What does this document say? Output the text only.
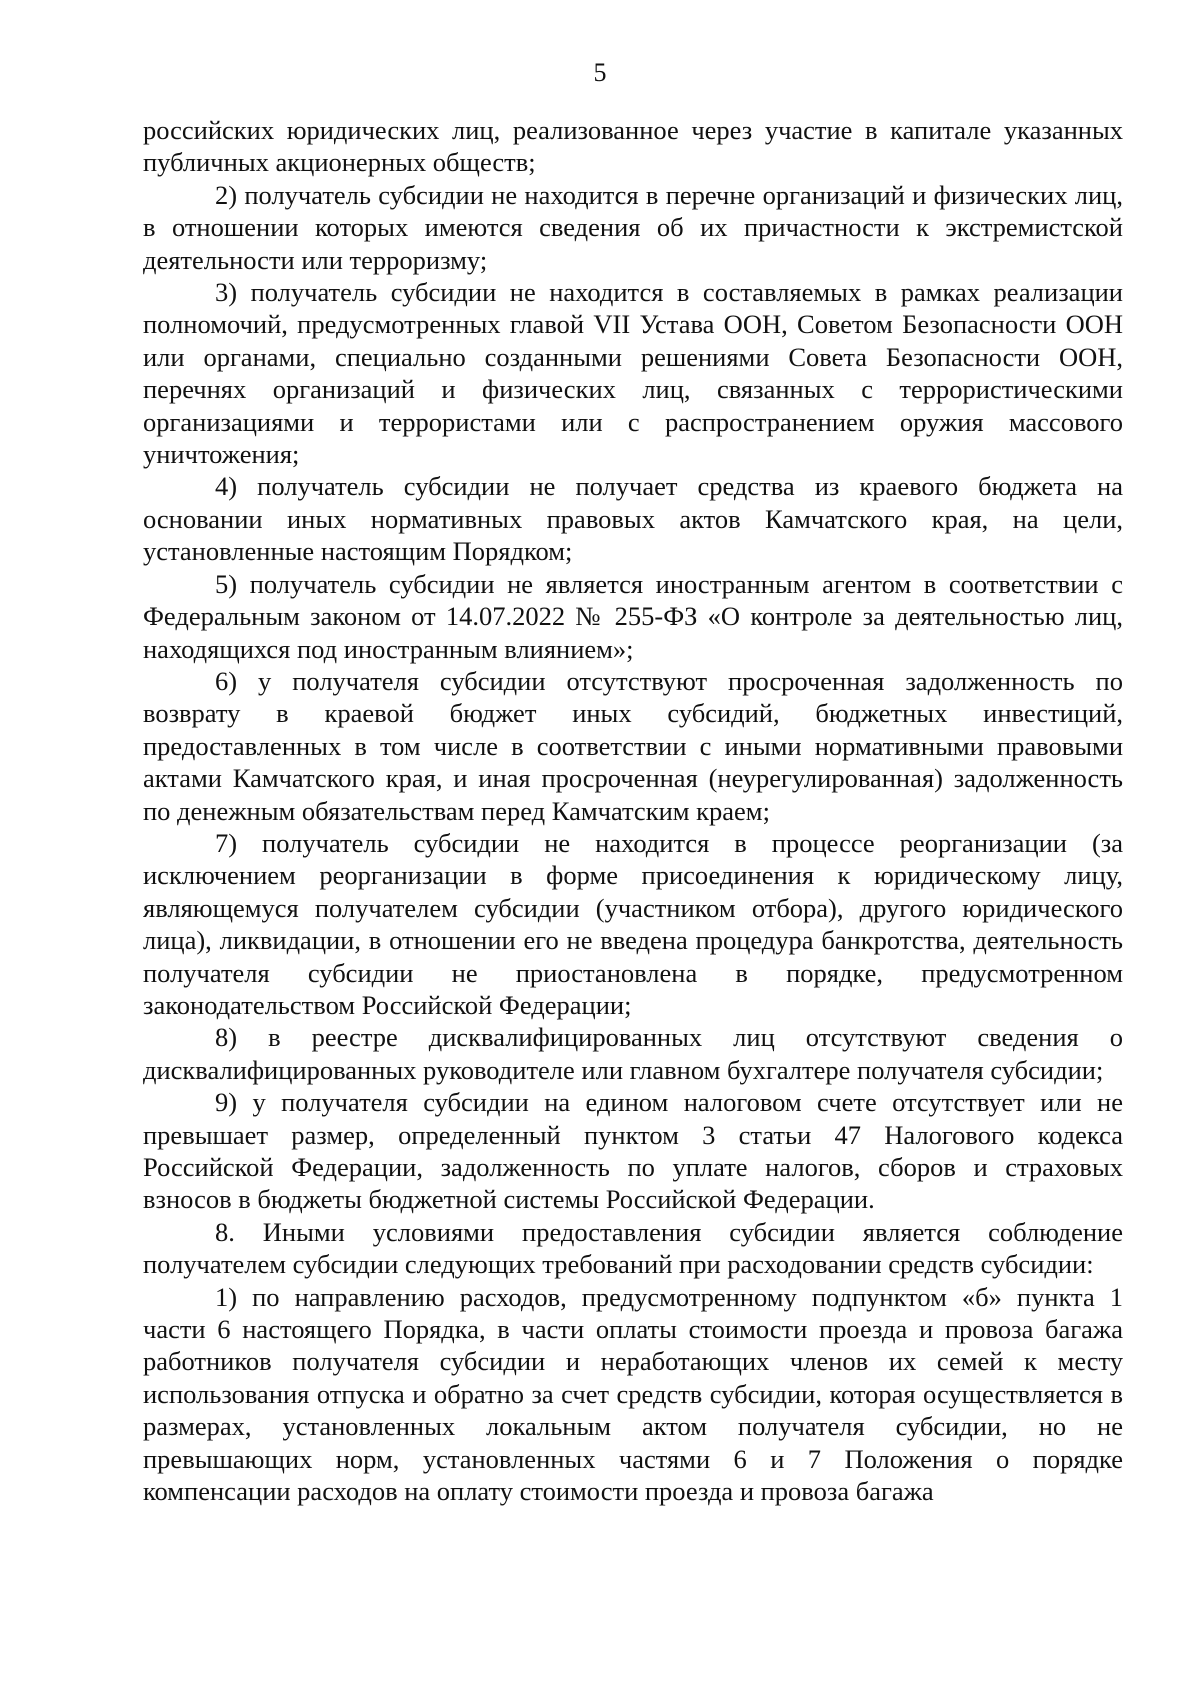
5

российских юридических лиц, реализованное через участие в капитале указанных публичных акционерных обществ;

2) получатель субсидии не находится в перечне организаций и физических лиц, в отношении которых имеются сведения об их причастности к экстремистской деятельности или терроризму;

3) получатель субсидии не находится в составляемых в рамках реализации полномочий, предусмотренных главой VII Устава ООН, Советом Безопасности ООН или органами, специально созданными решениями Совета Безопасности ООН, перечнях организаций и физических лиц, связанных с террористическими организациями и террористами или с распространением оружия массового уничтожения;

4) получатель субсидии не получает средства из краевого бюджета на основании иных нормативных правовых актов Камчатского края, на цели, установленные настоящим Порядком;

5) получатель субсидии не является иностранным агентом в соответствии с Федеральным законом от 14.07.2022 № 255-ФЗ «О контроле за деятельностью лиц, находящихся под иностранным влиянием»;

6) у получателя субсидии отсутствуют просроченная задолженность по возврату в краевой бюджет иных субсидий, бюджетных инвестиций, предоставленных в том числе в соответствии с иными нормативными правовыми актами Камчатского края, и иная просроченная (неурегулированная) задолженность по денежным обязательствам перед Камчатским краем;

7) получатель субсидии не находится в процессе реорганизации (за исключением реорганизации в форме присоединения к юридическому лицу, являющемуся получателем субсидии (участником отбора), другого юридического лица), ликвидации, в отношении его не введена процедура банкротства, деятельность получателя субсидии не приостановлена в порядке, предусмотренном законодательством Российской Федерации;

8) в реестре дисквалифицированных лиц отсутствуют сведения о дисквалифицированных руководителе или главном бухгалтере получателя субсидии;

9) у получателя субсидии на едином налоговом счете отсутствует или не превышает размер, определенный пунктом 3 статьи 47 Налогового кодекса Российской Федерации, задолженность по уплате налогов, сборов и страховых взносов в бюджеты бюджетной системы Российской Федерации.

8. Иными условиями предоставления субсидии является соблюдение получателем субсидии следующих требований при расходовании средств субсидии:

1) по направлению расходов, предусмотренному подпунктом «б» пункта 1 части 6 настоящего Порядка, в части оплаты стоимости проезда и провоза багажа работников получателя субсидии и неработающих членов их семей к месту использования отпуска и обратно за счет средств субсидии, которая осуществляется в размерах, установленных локальным актом получателя субсидии, но не превышающих норм, установленных частями 6 и 7 Положения о порядке компенсации расходов на оплату стоимости проезда и провоза багажа
